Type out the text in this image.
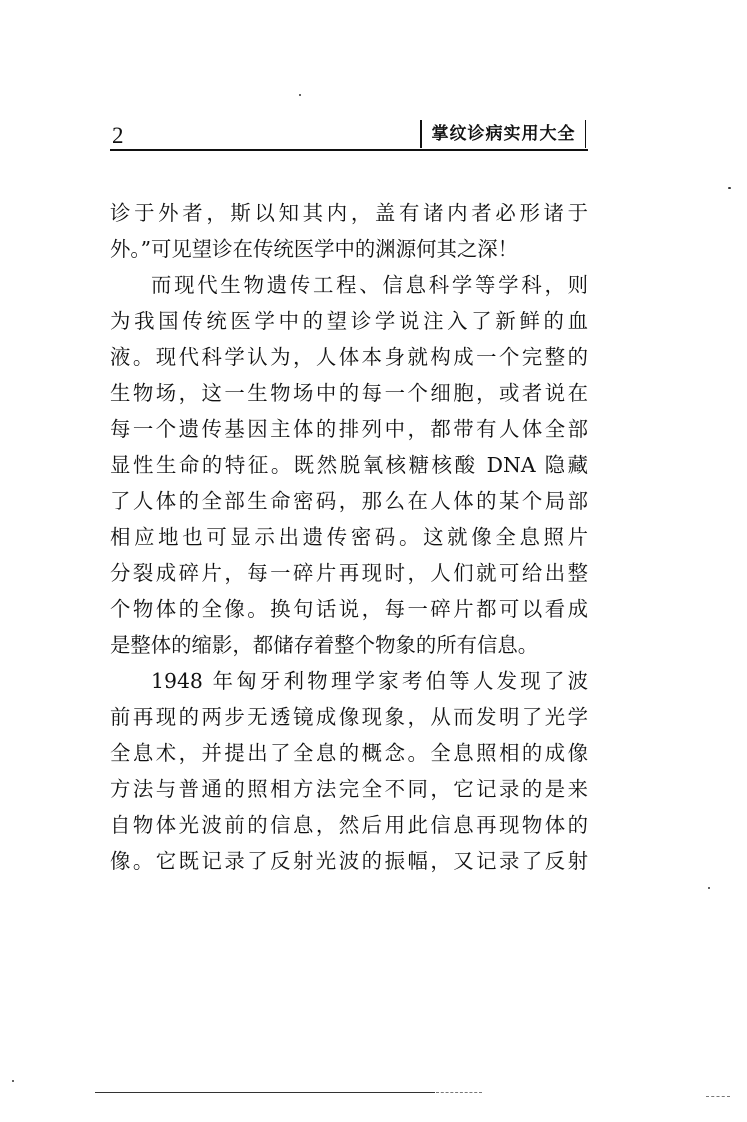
2	掌纹诊病实用大全
诊于外者，斯以知其内，盖有诸内者必形诸于
外。”可见望诊在传统医学中的渊源何其之深！
而现代生物遗传工程、信息科学等学科，则
为我国传统医学中的望诊学说注入了新鲜的血
液。现代科学认为，人体本身就构成一个完整的
生物场，这一生物场中的每一个细胞，或者说在
每一个遗传基因主体的排列中，都带有人体全部
显性生命的特征。既然脱氧核糖核酸 DNA 隐藏
了人体的全部生命密码，那么在人体的某个局部
相应地也可显示出遗传密码。这就像全息照片
分裂成碎片，每一碎片再现时，人们就可给出整
个物体的全像。换句话说，每一碎片都可以看成
是整体的缩影，都储存着整个物象的所有信息。
1948 年匈牙利物理学家考伯等人发现了波
前再现的两步无透镜成像现象，从而发明了光学
全息术，并提出了全息的概念。全息照相的成像
方法与普通的照相方法完全不同，它记录的是来
自物体光波前的信息，然后用此信息再现物体的
像。它既记录了反射光波的振幅，又记录了反射
